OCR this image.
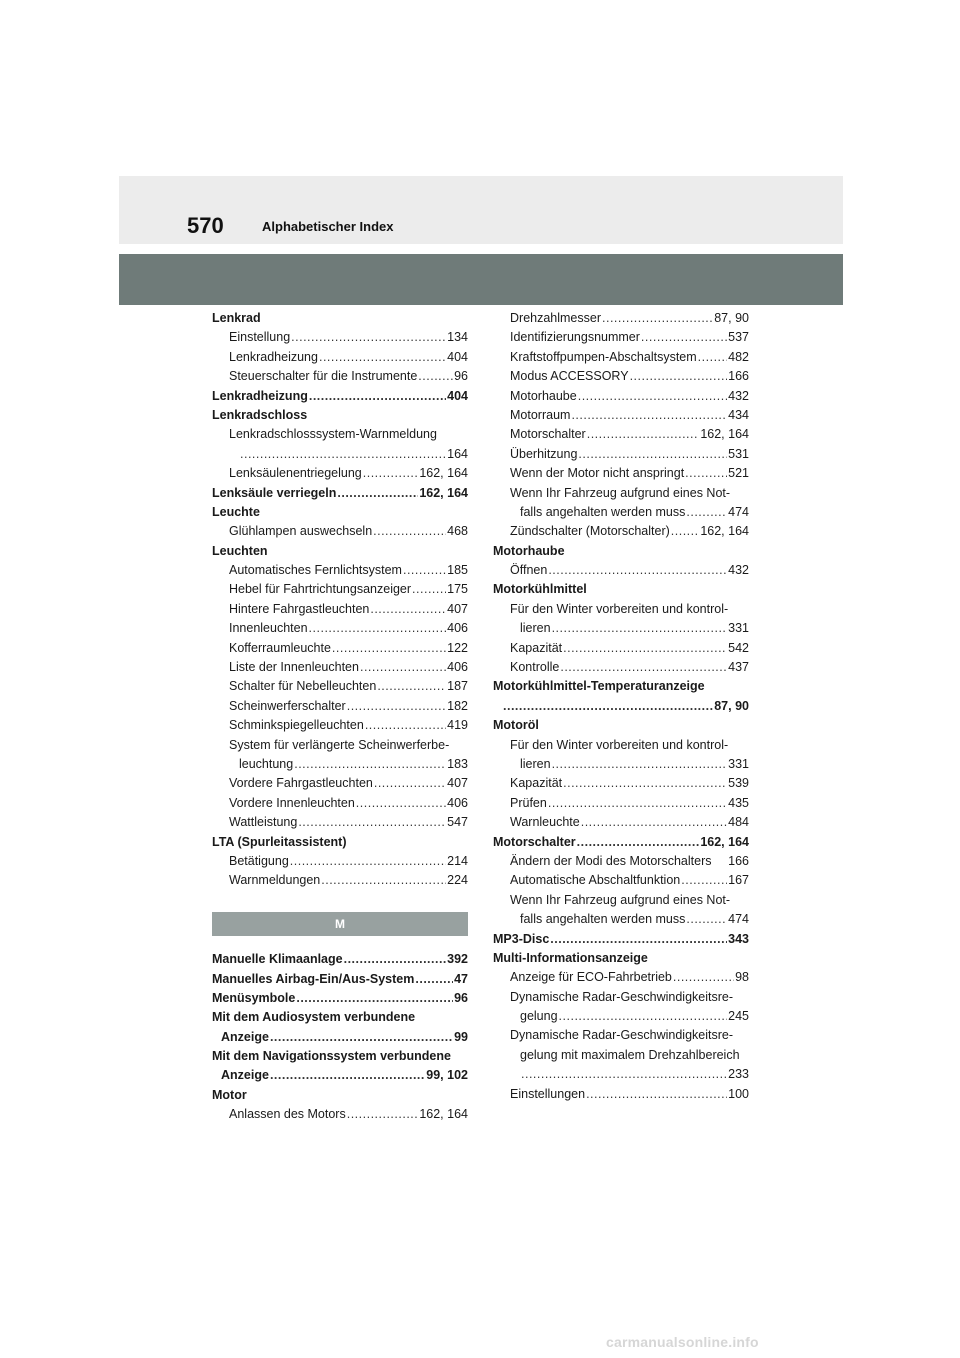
570	Alphabetischer Index
Lenkrad
Einstellung .....	134
Lenkradheizung .....	404
Steuerschalter für die Instrumente .....	96
Lenkradheizung .....	404
Lenkradschloss
Lenkradschlosssystem-Warnmeldung
.....
164
Lenksäulenentriegelung .....	162, 164
Lenksäule verriegeln .....	162, 164
Leuchte
Glühlampen auswechseln .....	468
Leuchten
Automatisches Fernlichtsystem .....	185
Hebel für Fahrtrichtungsanzeiger .....	175
Hintere Fahrgastleuchten .....	407
Innenleuchten .....	406
Kofferraumleuchte .....	122
Liste der Innenleuchten .....	406
Schalter für Nebelleuchten .....	187
Scheinwerferschalter .....	182
Schminkspiegelleuchten .....	419
System für verlängerte Scheinwerferbe-
leuchtung .....	183
Vordere Fahrgastleuchten .....	407
Vordere Innenleuchten .....	406
Wattleistung .....	547
LTA (Spurleitassistent)
Betätigung .....	214
Warnmeldungen .....	224
M
Manuelle Klimaanlage .....	392
Manuelles Airbag-Ein/Aus-System .....	47
Menüsymbole .....	96
Mit dem Audiosystem verbundene
Anzeige .....	99
Mit dem Navigationssystem verbundene
Anzeige .....	99, 102
Motor
Anlassen des Motors .....	162, 164
Drehzahlmesser .....	87, 90
Identifizierungsnummer .....	537
Kraftstoffpumpen-Abschaltsystem .....	482
Modus ACCESSORY .....	166
Motorhaube .....	432
Motorraum .....	434
Motorschalter .....	162, 164
Überhitzung .....	531
Wenn der Motor nicht anspringt .....	521
Wenn Ihr Fahrzeug aufgrund eines Not-
falls angehalten werden muss .....	474
Zündschalter (Motorschalter) ..... 162, 164
Motorhaube
Öffnen .....	432
Motorkühlmittel
Für den Winter vorbereiten und kontrol-
lieren .....	331
Kapazität .....	542
Kontrolle .....	437
Motorkühlmittel-Temperaturanzeige
.....
87, 90
Motoröl
Für den Winter vorbereiten und kontrol-
lieren .....	331
Kapazität .....	539
Prüfen .....	435
Warnleuchte .....	484
Motorschalter .....	162, 164
Ändern der Modi des Motorschalters 166
Automatische Abschaltfunktion .....	167
Wenn Ihr Fahrzeug aufgrund eines Not-
falls angehalten werden muss .....	474
MP3-Disc .....	343
Multi-Informationsanzeige
Anzeige für ECO-Fahrbetrieb .....	98
Dynamische Radar-Geschwindigkeitsre-
gelung .....	245
Dynamische Radar-Geschwindigkeitsre-
gelung mit maximalem Drehzahlbereich
.....
233
Einstellungen .....	100
carmanualsonline.info
